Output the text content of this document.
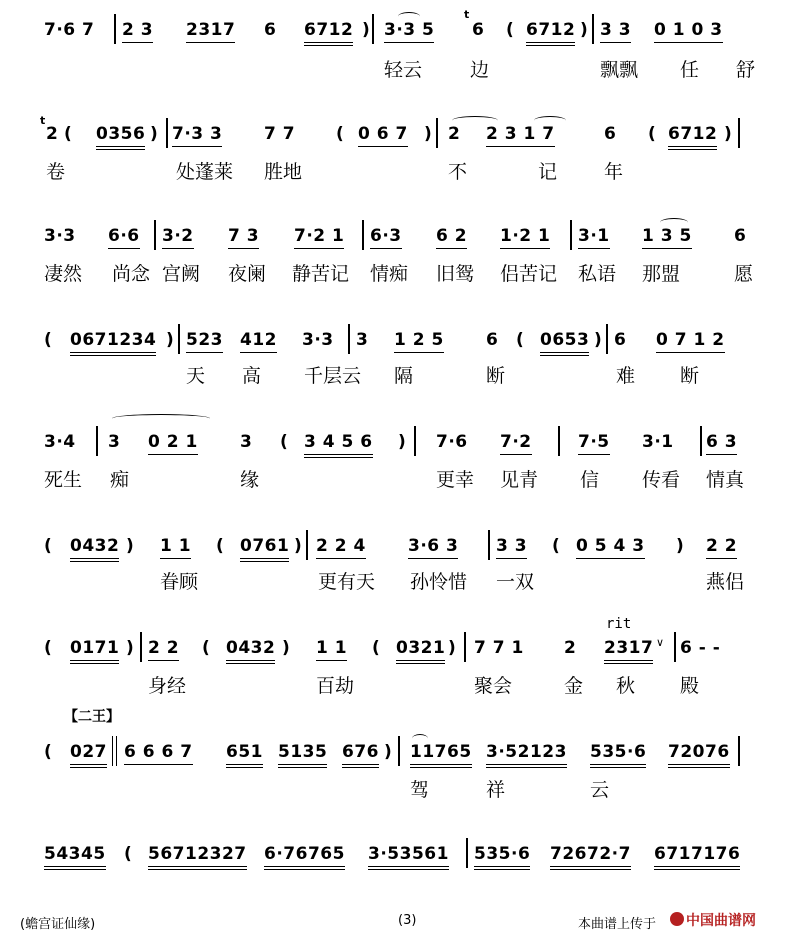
7·6 7 2 3 2317 6 6712 ) 3·3 5
t
6 ( 6712 ) 3 3 0 1 0 3
轻云	边	飘飘 任 舒
t
2 ( 0356 ) 7·3 3 7 7 ( 0 6 7 ) 2 2 3 1 7	6 ( 6712 )
卷	处蓬莱 胜地	不	记 年
3·3 6·6 3·2 7 3 7·2 1 6·3 6 2 1·2 1 3·1 1 3 5 6
凄然 尚念 宫阙 夜阑 静苦记 情痴 旧鸳 侣苦记 私语 那盟	愿
( 0671234 ) 523 412 3·3 3 1 2 5 6 ( 0653 ) 6 0 7 1 2
天 高 千层云 隔	断	难 断
3·4 3 0 2 1 3 ( 3 4 5 6 ) 7·6 7·2	7·5 3·1 6 3
死生 痴	缘	更幸 见青 信 传看 情真
( 0432 ) 1 1 ( 0761 ) 2 2 4 3·6 3 3 3 ( 0 5 4 3 ) 2 2
眷顾	更有天 孙怜惜 一双	燕侣
rit
∨
( 0171 ) 2 2 ( 0432 ) 1 1 ( 0321 ) 7 7 1 2 2317 6 - -
身经	百劫	聚会	金 秋 殿
【二王】
( 027 6 6 6 7 651 5135 676 ) 11765 3·52123 535·6 72076
驾	祥	云
54345 ( 56712327 6·76765 3·53561 535·6 72672·7 6717176
(蟾宫证仙缘)	(3)	本曲谱上传于 中国曲谱网
